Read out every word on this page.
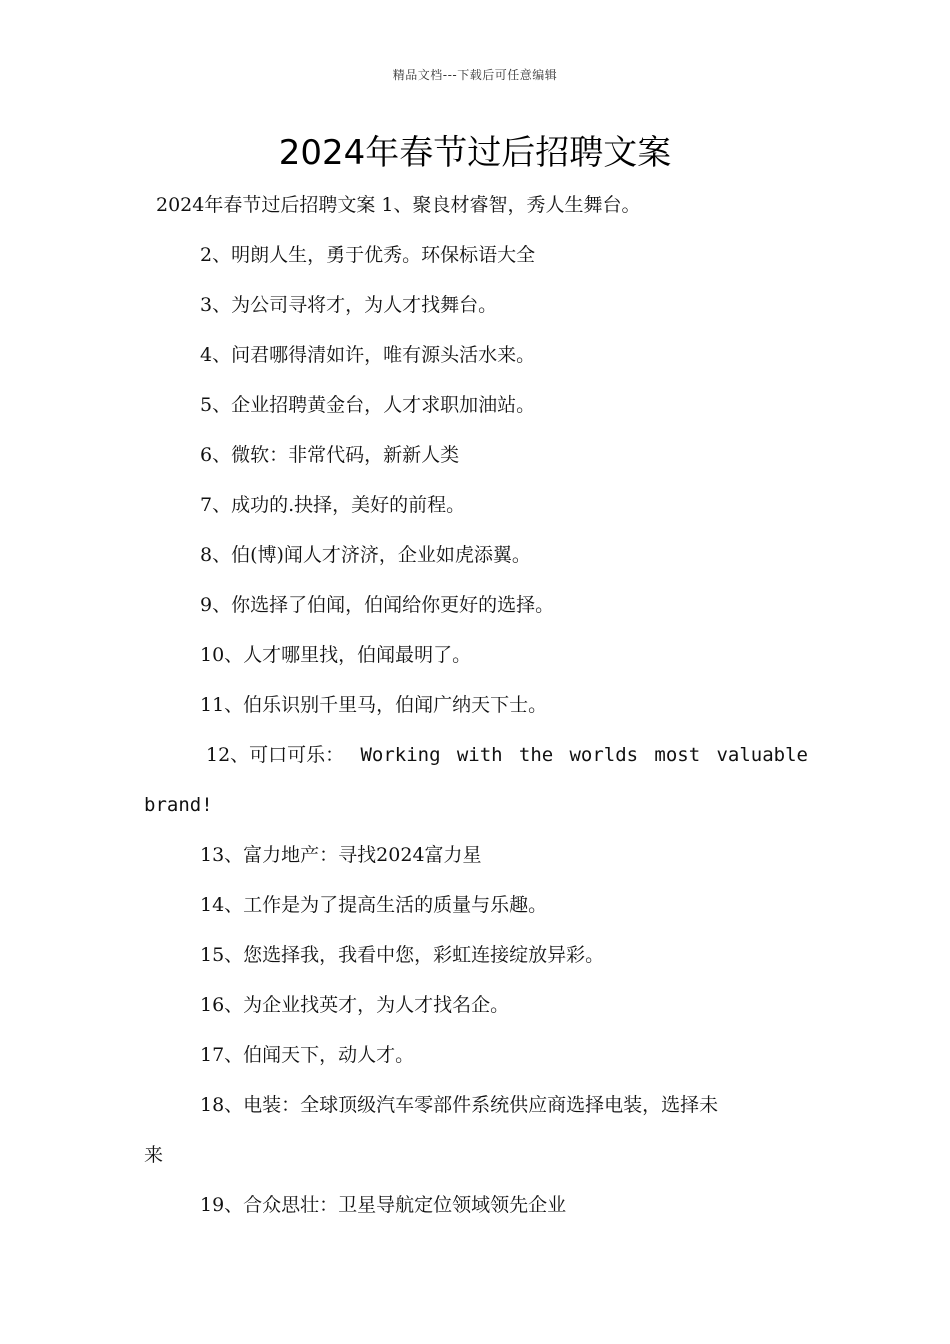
精品文档---下载后可任意编辑
2024年春节过后招聘文案
2024年春节过后招聘文案 1、聚良材睿智，秀人生舞台。
2、明朗人生，勇于优秀。环保标语大全
3、为公司寻将才，为人才找舞台。
4、问君哪得清如许，唯有源头活水来。
5、企业招聘黄金台，人才求职加油站。
6、微软：非常代码，新新人类
7、成功的.抉择，美好的前程。
8、伯(博)闻人才济济，企业如虎添翼。
9、你选择了伯闻，伯闻给你更好的选择。
10、人才哪里找，伯闻最明了。
11、伯乐识别千里马，伯闻广纳天下士。
12、可口可乐： Working with the worlds most valuable
brand!
13、富力地产：寻找2024富力星
14、工作是为了提高生活的质量与乐趣。
15、您选择我，我看中您，彩虹连接绽放异彩。
16、为企业找英才，为人才找名企。
17、伯闻天下，动人才。
18、电装：全球顶级汽车零部件系统供应商选择电装，选择未
来
19、合众思壮：卫星导航定位领域领先企业
